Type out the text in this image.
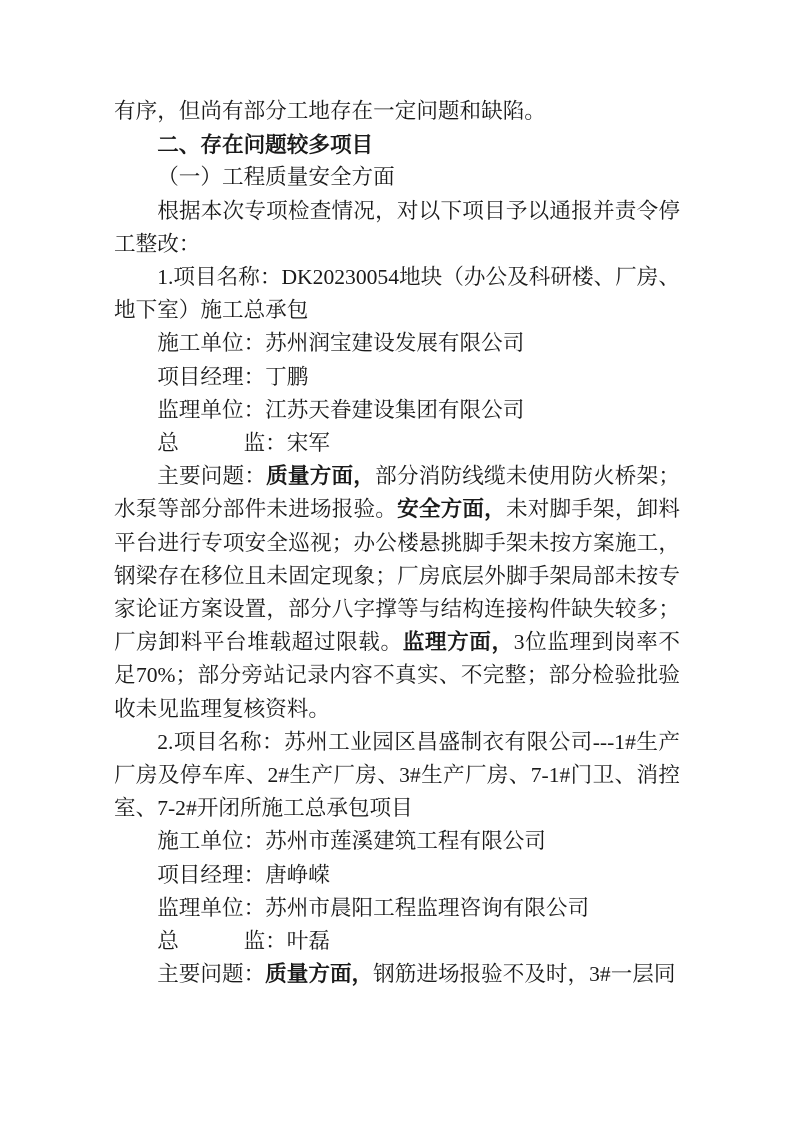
有序，但尚有部分工地存在一定问题和缺陷。

二、存在问题较多项目

（一）工程质量安全方面

根据本次专项检查情况，对以下项目予以通报并责令停工整改：

1.项目名称：DK20230054地块（办公及科研楼、厂房、地下室）施工总承包

施工单位：苏州润宝建设发展有限公司

项目经理：丁鹏

监理单位：江苏天眷建设集团有限公司

总　　　监：宋军

主要问题：质量方面，部分消防线缆未使用防火桥架；水泵等部分部件未进场报验。安全方面，未对脚手架，卸料平台进行专项安全巡视；办公楼悬挑脚手架未按方案施工，钢梁存在移位且未固定现象；厂房底层外脚手架局部未按专家论证方案设置，部分八字撑等与结构连接构件缺失较多；厂房卸料平台堆载超过限载。监理方面，3位监理到岗率不足70%；部分旁站记录内容不真实、不完整；部分检验批验收未见监理复核资料。

2.项目名称：苏州工业园区昌盛制衣有限公司---1#生产厂房及停车库、2#生产厂房、3#生产厂房、7-1#门卫、消控室、7-2#开闭所施工总承包项目

施工单位：苏州市莲溪建筑工程有限公司

项目经理：唐峥嵘

监理单位：苏州市晨阳工程监理咨询有限公司

总　　　监：叶磊

主要问题：质量方面，钢筋进场报验不及时，3#一层同
